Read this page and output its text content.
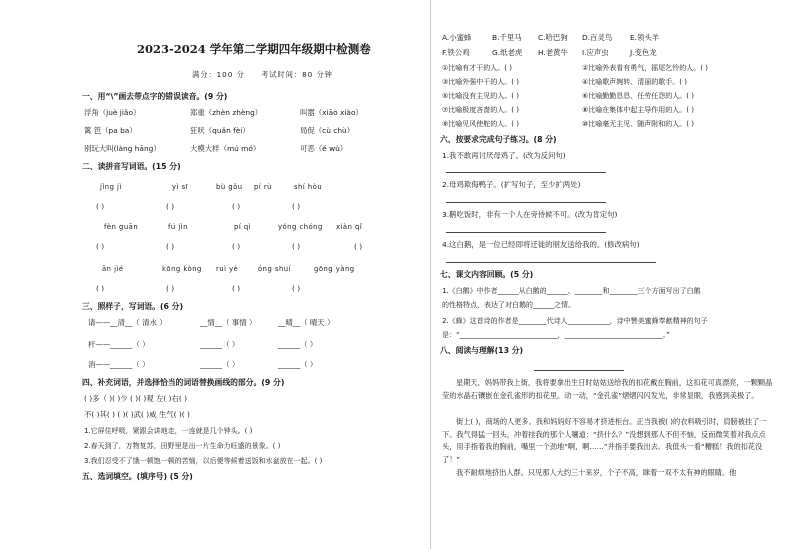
2023-2024 学年第二学期四年级期中检测卷
满分：100 分　　考试时间：80 分钟
一、用“\”画去带点字的错误读音。(9 分)
浮角（juè jiǎo）	郑重（zhèn zhèng）	叫嚣（xiāo xiào）
篱 笆（pa ba）	狂吠（quǎn fèi）	局促（cù chù）
别玩大叫(làng hāng）	大模大样（mú mó）	可恶（ě wù）
二、读拼音写词语。(15 分)
jǐng jì	yì sī	bù gǒu pí rù	shí hòu
( )	( )	( )	( )
fèn guān	fú jìn	pí qì	yóng chóng xiàn qǐ
( )	( )	( )	( )	( )
ān jìé	kōng kòng ruì yè	óng shuí	gōng yàng
( )	( )	( )	( )
三、照样子，写词语。(6 分)
请——__清__（ 清水 ）	__情__（ 事情 ）	__晴__（ 晴天 ）
杆——______（ ）	______（ ）	______（ ）
消——______（ ）	______（ ）	______（ ）
四、补充词语，并选择恰当的词语替换画线的部分。(9 分)
( )多（ )( )少 ( )( )观 左( )右( )
不( )其( ) ( )( )武( )威 生气( )( )
1.它屏住呼吸，紧跟会讲地走，一连就是几个钟头。( )
2.春天到了，万物复苏，田野里是出一片生命力旺盛的景象。( )
3.我们忍受不了饿一顿饱一顿的苦恼，以后便等候着送饭和水盆放在一起。( )
五、选词填空。(填序号) (5 分)
A.小蜜蜂	B.千里马 C.哈巴狗 D.百灵鸟 E.领头羊
F.铁公鸡	G.纸老虎 H.老黄牛 I.应声虫	J.变色龙
①比喻有才干的人。( )	②比喻外表看有勇气，摇尾乞怜的人。( )
③比喻外强中干的人。( )	④比喻歌声婉转、清丽的歌手。( )
⑤比喻没有主见的人。( )	⑥比喻勤勤恳恳、任劳任怨的人。( )
⑦比喻极度吝啬的人。( )	⑧比喻在集体中起主导作用的人。( )
⑨比喻见风使舵的人。( )	⑩比喻毫无主见、随声附和的人。( )
六、按要求完成句子练习。(8 分)
1.我不敢再讨厌母鸡了。(改为反问句)
2.母鸡欺侮鸭子。(扩写句子，至少扩两处)
3.鹅吃饭时，非有一个人在旁侍候不可。(改为肯定句)
4.这白鹅，是一位已经即将迁徙的朋友送给我的。(修改病句)
七、课文内容回顾。(5 分)
1.《白鹅》中作者______从白鹅的______、________和________三个方面写出了白鹅
的性格特点，表达了对白鹅的______之情。
2.《蜂》这首诗的作者是________代诗人____________，诗中赞美蜜蜂奉献精神的句子
是：“____________________________，____________________________。”
八、阅读与理解(13 分)
星期天，妈妈带我上街，我将要拿出生日时姑姑送给我的扣花戴在胸前，这扣花可真漂亮，一颗颗晶莹的水晶石镶嵌在金孔雀形的扣花里。动一动，“金孔雀”熠熠闪闪发光，非常显眼，我感到美极了。
街上( )，商场的人更多。我和妈妈好不容易才挤进柜台。正当我被( )的衣料吸引时，肩膀被挂了一下。我气得猛一回头，冲着挂我的那个人嚷道：“挤什么？”没想到那人不但不恼，反而微笑着对我点点头，用手指着我的胸前，嘴里一个劲地“啊，啊……”并指手要我出去。我低头一看“糟糕！我的扣花没了！”
我不耐烦地挤出人群。只见那人大约三十来岁，个子不高，眯着一双不太有神的眼睛。他
